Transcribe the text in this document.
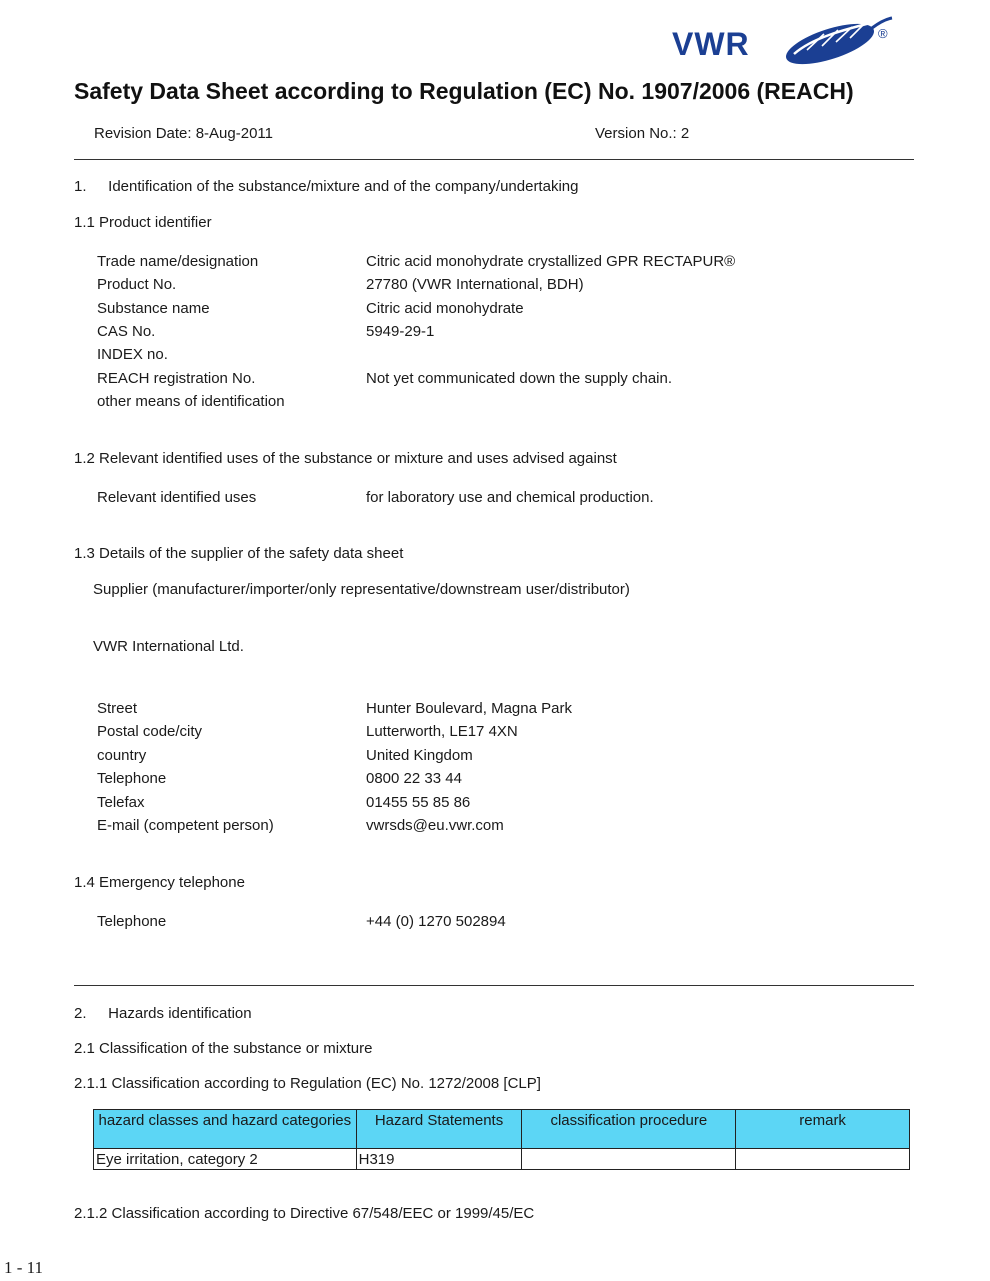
VWR	®
Safety Data Sheet according to Regulation (EC) No. 1907/2006 (REACH)
Revision Date: 8-Aug-2011	Version No.: 2
1. Identification of the substance/mixture and of the company/undertaking
1.1 Product identifier
Trade name/designation	Citric acid monohydrate crystallized GPR RECTAPUR®
Product No.	27780 (VWR International, BDH)
Substance name	Citric acid monohydrate
CAS No.	5949-29-1
INDEX no.
REACH registration No.	Not yet communicated down the supply chain.
other means of identification
1.2 Relevant identified uses of the substance or mixture and uses advised against
Relevant identified uses	for laboratory use and chemical production.
1.3 Details of the supplier of the safety data sheet
Supplier (manufacturer/importer/only representative/downstream user/distributor)
VWR International Ltd.
Street	Hunter Boulevard, Magna Park
Postal code/city	Lutterworth, LE17 4XN
country	United Kingdom
Telephone	0800 22 33 44
Telefax	01455 55 85 86
E-mail (competent person)	vwrsds@eu.vwr.com
1.4 Emergency telephone
Telephone	+44 (0) 1270 502894
2. Hazards identification
2.1 Classification of the substance or mixture
2.1.1 Classification according to Regulation (EC) No. 1272/2008 [CLP]
hazard classes and hazard categories	Hazard Statements	classification procedure	remark
Eye irritation, category 2	H319		
2.1.2 Classification according to Directive 67/548/EEC or 1999/45/EC
1 - 11
